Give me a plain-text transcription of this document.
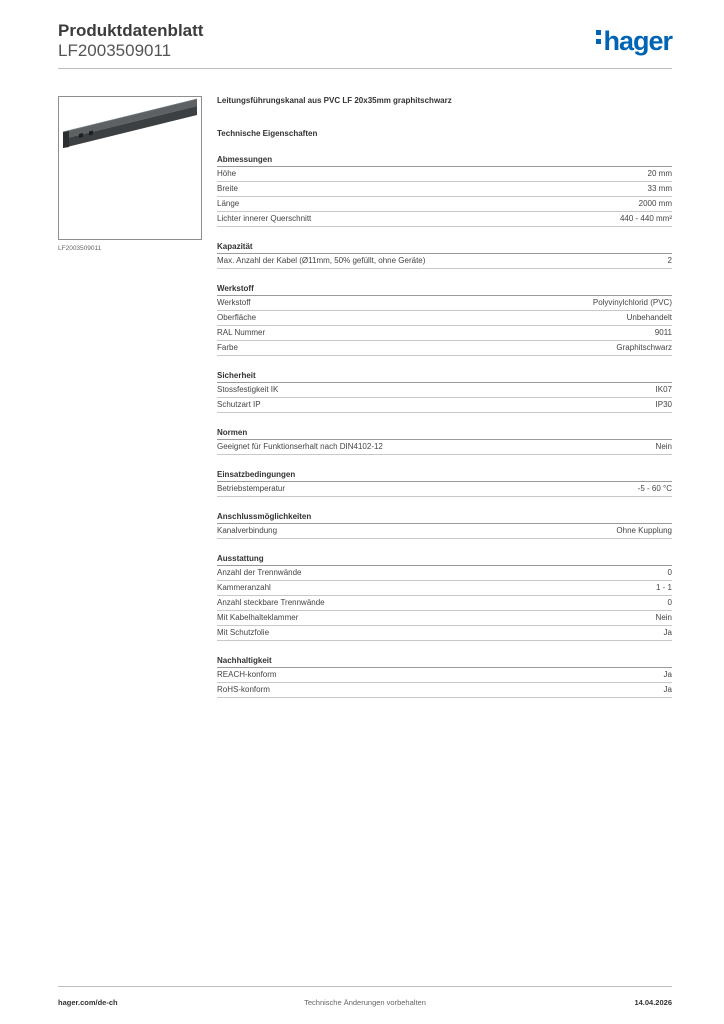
Produktdatenblatt
LF2003509011	hager
LF2003509011
Leitungsführungskanal aus PVC LF 20x35mm graphitschwarz
Technische Eigenschaften
Abmessungen
Höhe	20 mm
Breite	33 mm
Länge	2000 mm
Lichter innerer Querschnitt	440 - 440 mm²
Kapazität
Max. Anzahl der Kabel (Ø11mm, 50% gefüllt, ohne Geräte)	2
Werkstoff
Werkstoff	Polyvinylchlorid (PVC)
Oberfläche	Unbehandelt
RAL Nummer	9011
Farbe	Graphitschwarz
Sicherheit
Stossfestigkeit IK	IK07
Schutzart IP	IP30
Normen
Geeignet für Funktionserhalt nach DIN4102-12	Nein
Einsatzbedingungen
Betriebstemperatur	-5 - 60 °C
Anschlussmöglichkeiten
Kanalverbindung	Ohne Kupplung
Ausstattung
Anzahl der Trennwände	0
Kammeranzahl	1 - 1
Anzahl steckbare Trennwände	0
Mit Kabelhalteklammer	Nein
Mit Schutzfolie	Ja
Nachhaltigkeit
REACH-konform	Ja
RoHS-konform	Ja
hager.com/de-ch	Technische Änderungen vorbehalten	14.04.2026
